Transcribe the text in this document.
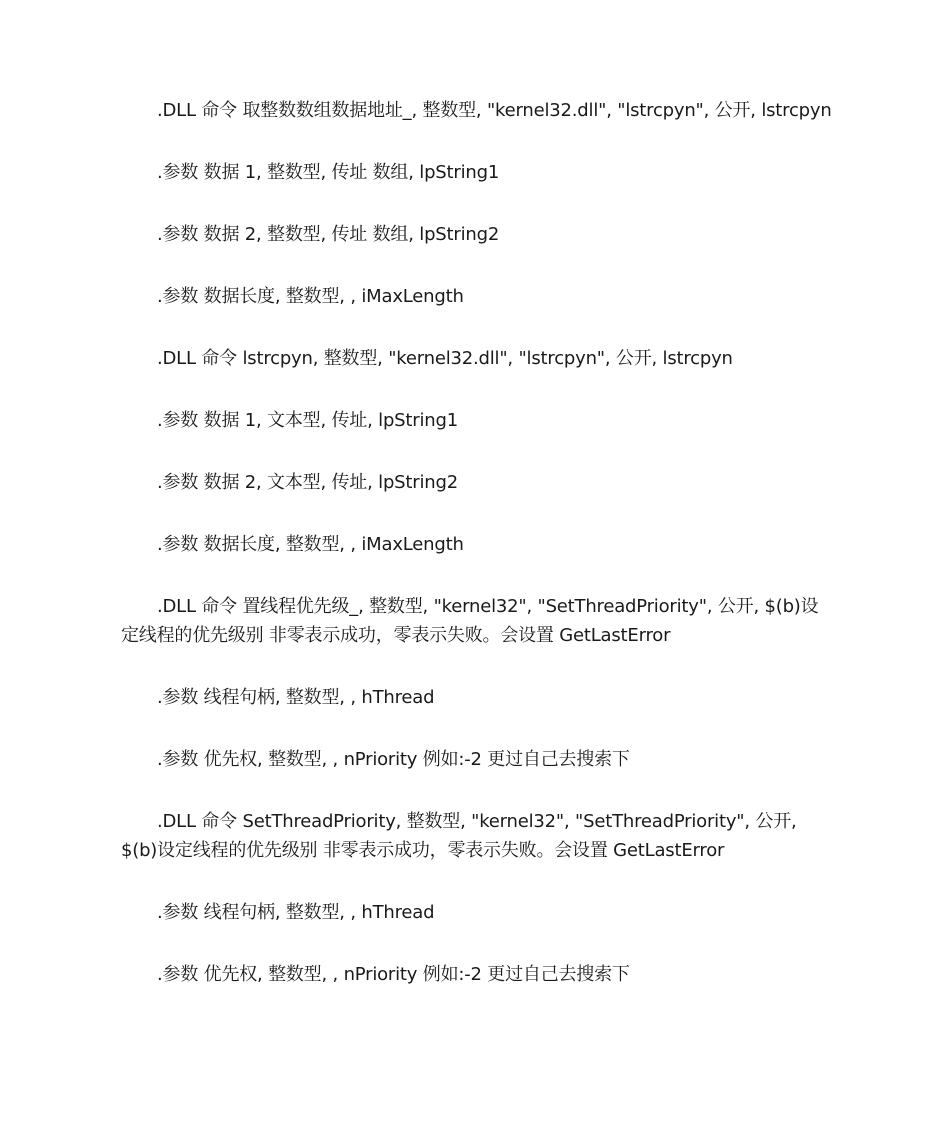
.DLL 命令 取整数数组数据地址_, 整数型, "kernel32.dll", "lstrcpyn", 公开, lstrcpyn

.参数 数据 1, 整数型, 传址 数组, lpString1

.参数 数据 2, 整数型, 传址 数组, lpString2

.参数 数据长度, 整数型, , iMaxLength

.DLL 命令 lstrcpyn, 整数型, "kernel32.dll", "lstrcpyn", 公开, lstrcpyn

.参数 数据 1, 文本型, 传址, lpString1

.参数 数据 2, 文本型, 传址, lpString2

.参数 数据长度, 整数型, , iMaxLength

.DLL 命令 置线程优先级_, 整数型, "kernel32", "SetThreadPriority", 公开, $(b)设定线程的优先级别 非零表示成功，零表示失败。会设置 GetLastError

.参数 线程句柄, 整数型, , hThread

.参数 优先权, 整数型, , nPriority 例如:-2 更过自己去搜索下

.DLL 命令 SetThreadPriority, 整数型, "kernel32", "SetThreadPriority", 公开, $(b)设定线程的优先级别 非零表示成功，零表示失败。会设置 GetLastError

.参数 线程句柄, 整数型, , hThread

.参数 优先权, 整数型, , nPriority 例如:-2 更过自己去搜索下
